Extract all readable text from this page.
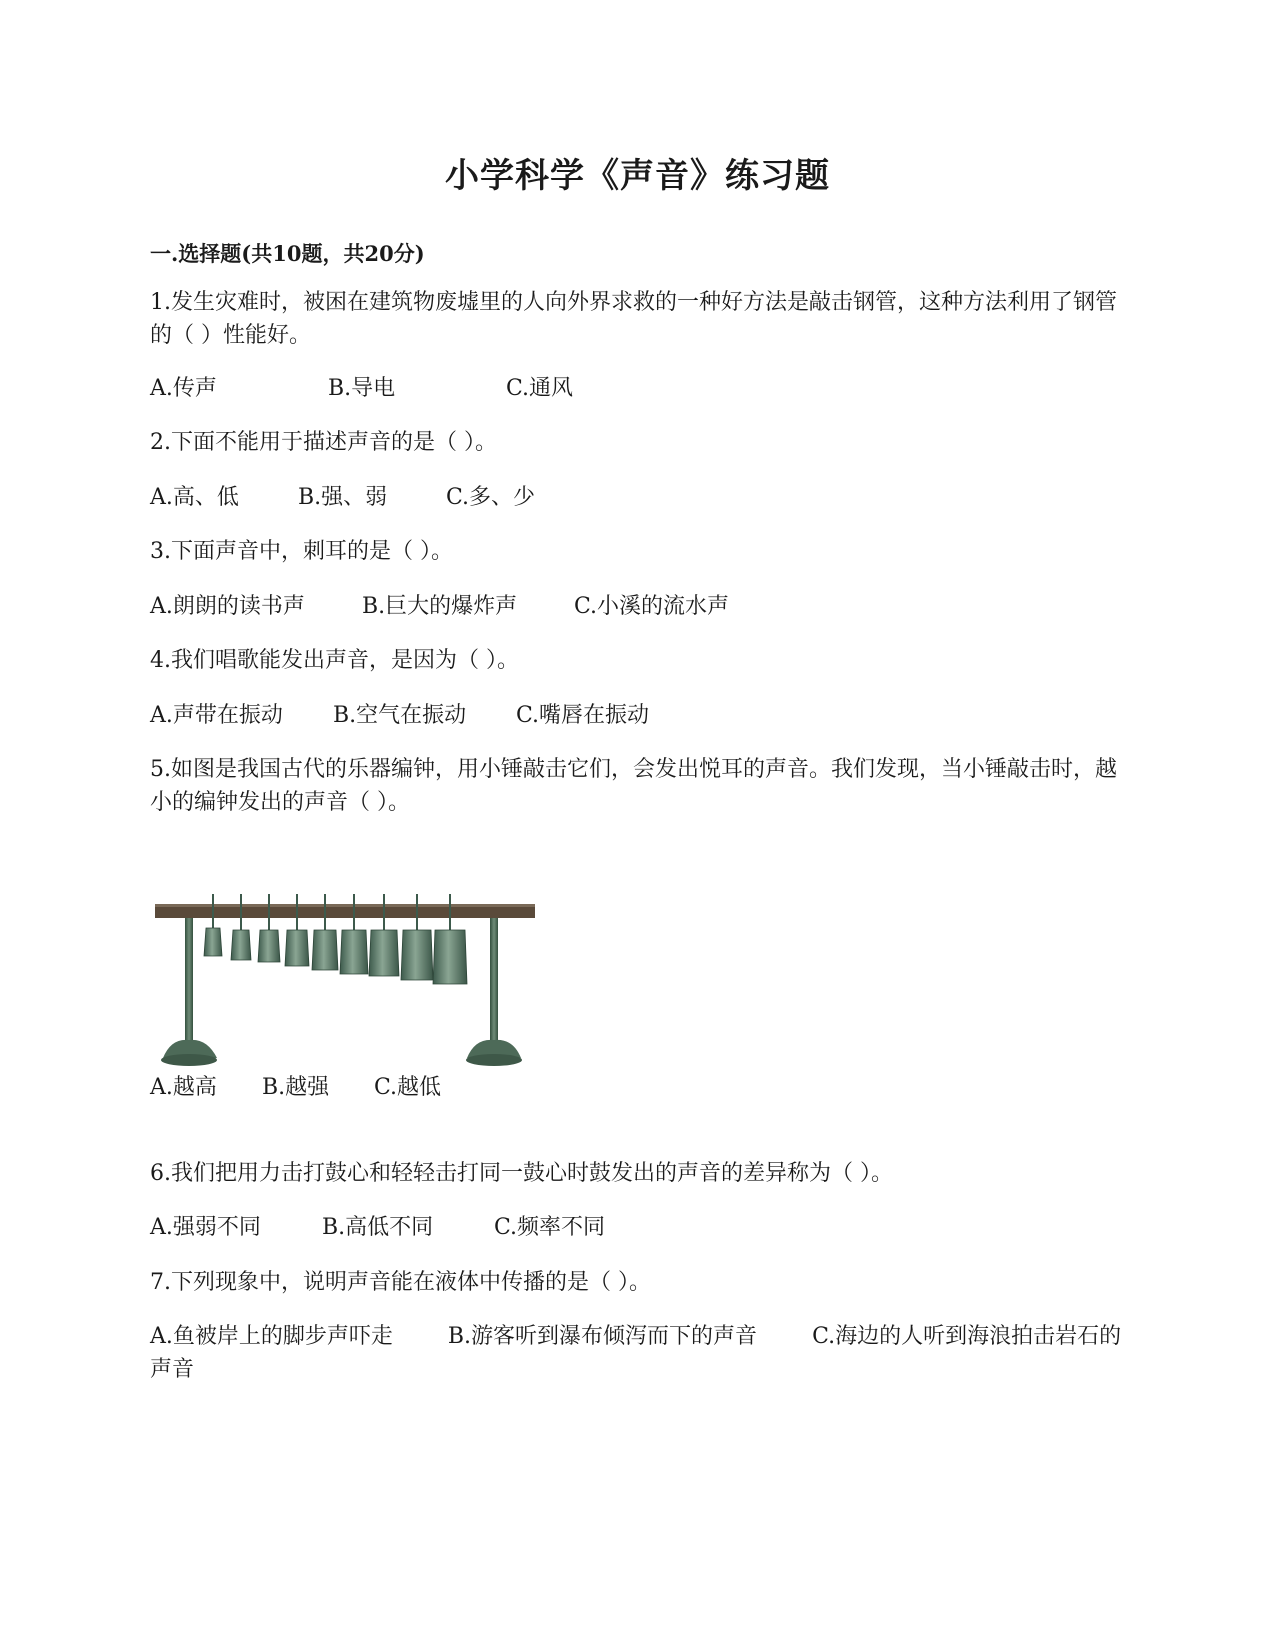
小学科学《声音》练习题
一.选择题(共10题，共20分)

1.发生灾难时，被困在建筑物废墟里的人向外界求救的一种好方法是敲击钢管，这种方法利用了钢管的（ ）性能好。

A.传声	B.导电	C.通风

2.下面不能用于描述声音的是（ ）。

A.高、低	B.强、弱	C.多、少

3.下面声音中，刺耳的是（ ）。

A.朗朗的读书声	B.巨大的爆炸声	C.小溪的流水声

4.我们唱歌能发出声音，是因为（ ）。

A.声带在振动 B.空气在振动 C.嘴唇在振动

5.如图是我国古代的乐器编钟，用小锤敲击它们，会发出悦耳的声音。我们发现，当小锤敲击时，越小的编钟发出的声音（ ）。

A.越高 B.越强 C.越低

6.我们把用力击打鼓心和轻轻击打同一鼓心时鼓发出的声音的差异称为（ ）。

A.强弱不同	B.高低不同	C.频率不同

7.下列现象中，说明声音能在液体中传播的是（ ）。

A.鱼被岸上的脚步声吓走	B.游客听到瀑布倾泻而下的声音	C.海边的人听到海浪拍击岩石的声音
